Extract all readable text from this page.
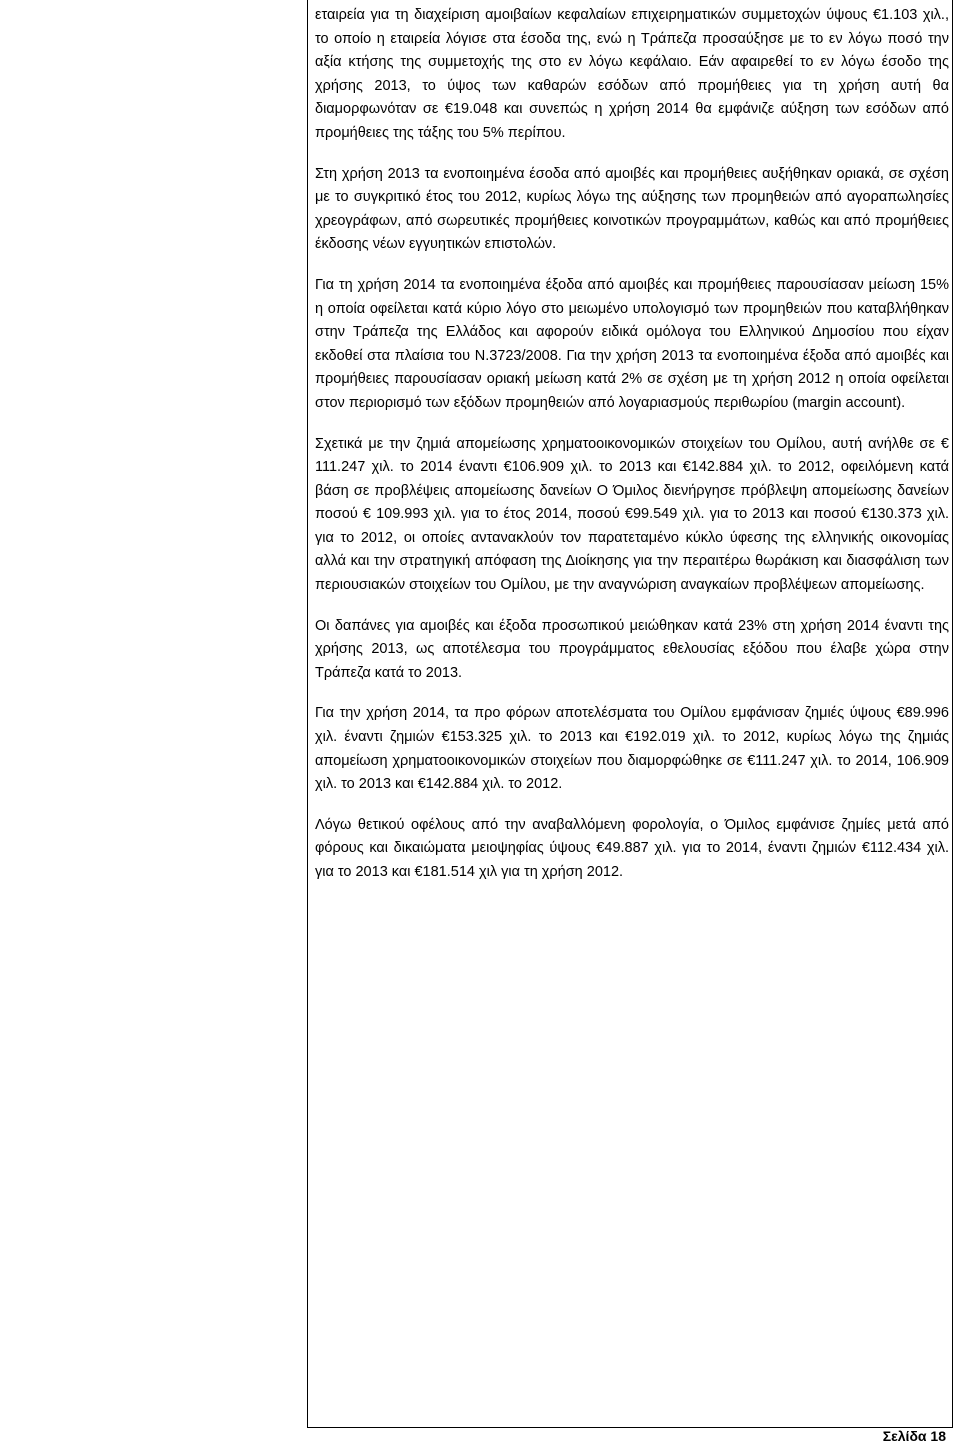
εταιρεία για τη διαχείριση αμοιβαίων κεφαλαίων επιχειρηματικών συμμετοχών ύψους €1.103 χιλ., το οποίο η εταιρεία λόγισε στα έσοδα της, ενώ η Τράπεζα προσαύξησε με το εν λόγω ποσό την αξία κτήσης της συμμετοχής της στο εν λόγω κεφάλαιο. Εάν αφαιρεθεί το εν λόγω έσοδο της χρήσης 2013, το ύψος των καθαρών εσόδων από προμήθειες για τη χρήση αυτή θα διαμορφωνόταν σε €19.048 και συνεπώς η χρήση 2014 θα εμφάνιζε αύξηση των εσόδων από προμήθειες της τάξης του 5% περίπου.

Στη χρήση 2013 τα ενοποιημένα έσοδα από αμοιβές και προμήθειες αυξήθηκαν οριακά, σε σχέση με το συγκριτικό έτος του 2012, κυρίως λόγω της αύξησης των προμηθειών από αγοραπωλησίες χρεογράφων, από σωρευτικές προμήθειες κοινοτικών προγραμμάτων, καθώς και από προμήθειες έκδοσης νέων εγγυητικών επιστολών.

Για τη χρήση 2014 τα ενοποιημένα έξοδα από αμοιβές και προμήθειες παρουσίασαν μείωση 15% η οποία οφείλεται κατά κύριο λόγο στο μειωμένο υπολογισμό των προμηθειών που καταβλήθηκαν στην Τράπεζα της Ελλάδος και αφορούν ειδικά ομόλογα του Ελληνικού Δημοσίου που είχαν εκδοθεί στα πλαίσια του Ν.3723/2008. Για την χρήση 2013 τα ενοποιημένα έξοδα από αμοιβές και προμήθειες παρουσίασαν οριακή μείωση κατά 2% σε σχέση με τη χρήση 2012 η οποία οφείλεται στον περιορισμό των εξόδων προμηθειών από λογαριασμούς περιθωρίου (margin account).

Σχετικά με την ζημιά απομείωσης χρηματοοικονομικών στοιχείων του Ομίλου, αυτή ανήλθε σε € 111.247 χιλ. το 2014 έναντι €106.909 χιλ. το 2013 και €142.884 χιλ. το 2012, οφειλόμενη κατά βάση σε προβλέψεις απομείωσης δανείων Ο Όμιλος διενήργησε πρόβλεψη απομείωσης δανείων ποσού € 109.993 χιλ. για το έτος 2014, ποσού €99.549 χιλ. για το 2013 και ποσού €130.373 χιλ. για το 2012, οι οποίες αντανακλούν τον παρατεταμένο κύκλο ύφεσης της ελληνικής οικονομίας αλλά και την στρατηγική απόφαση της Διοίκησης για την περαιτέρω θωράκιση και διασφάλιση των περιουσιακών στοιχείων του Ομίλου, με την αναγνώριση αναγκαίων προβλέψεων απομείωσης.

Οι δαπάνες για αμοιβές και έξοδα προσωπικού μειώθηκαν κατά 23% στη χρήση 2014 έναντι της χρήσης 2013, ως αποτέλεσμα του προγράμματος εθελουσίας εξόδου που έλαβε χώρα στην Τράπεζα κατά το 2013.

Για την χρήση 2014, τα προ φόρων αποτελέσματα του Ομίλου εμφάνισαν ζημιές ύψους €89.996 χιλ. έναντι ζημιών €153.325 χιλ. το 2013 και €192.019 χιλ. το 2012, κυρίως λόγω της ζημιάς απομείωση χρηματοοικονομικών στοιχείων που διαμορφώθηκε σε €111.247 χιλ. το 2014, 106.909 χιλ. το 2013 και €142.884 χιλ. το 2012.

Λόγω θετικού οφέλους από την αναβαλλόμενη φορολογία, ο Όμιλος εμφάνισε ζημίες μετά από φόρους και δικαιώματα μειοψηφίας ύψους €49.887 χιλ. για το 2014, έναντι ζημιών €112.434 χιλ. για το 2013 και €181.514 χιλ για τη χρήση 2012.

Σελίδα 18
